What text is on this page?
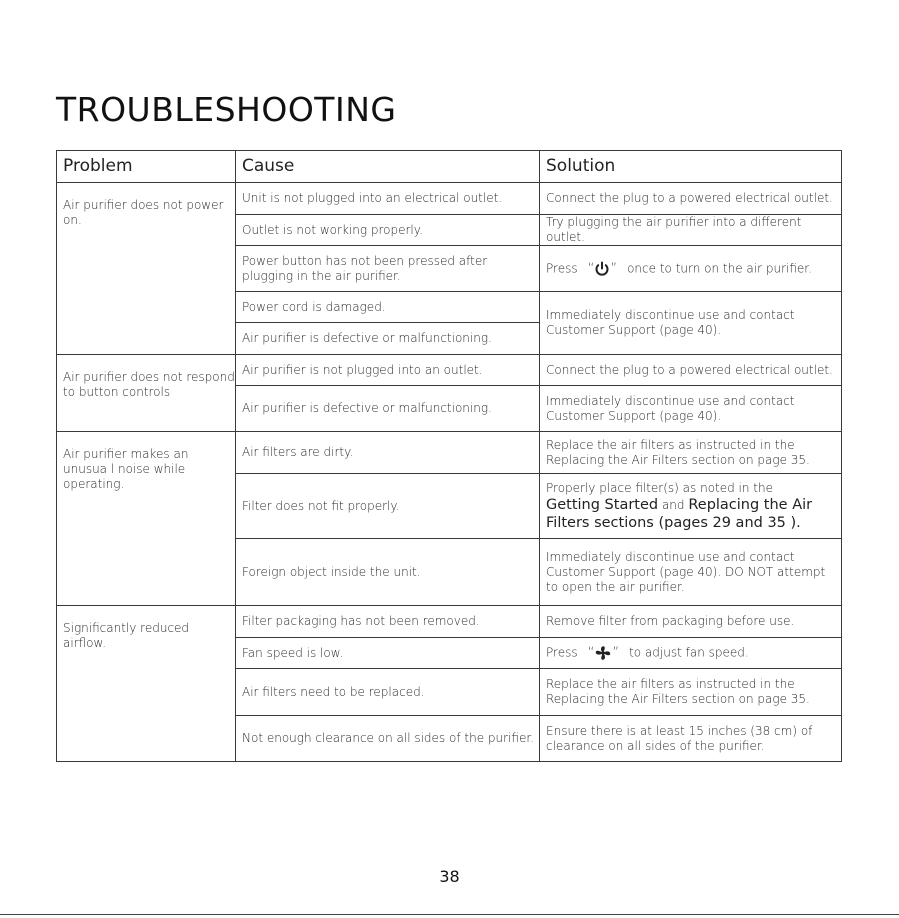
TROUBLESHOOTING
Problem	Cause	Solution
Air purifier does not power on.	Unit is not plugged into an electrical outlet.	Connect the plug to a powered electrical outlet.
	Outlet is not working properly.	Try plugging the air purifier into a different outlet.
	Power button has not been pressed after plugging in the air purifier.	Press “ ” once to turn on the air purifier.
	Power cord is damaged.	Immediately discontinue use and contact Customer Support (page 40).
	Air purifier is defective or malfunctioning.	
Air purifier does not respond to button controls	Air purifier is not plugged into an outlet.	Connect the plug to a powered electrical outlet.
	Air purifier is defective or malfunctioning.	Immediately discontinue use and contact Customer Support (page 40).
Air purifier makes an unusua l noise while operating.	Air filters are dirty.	Replace the air filters as instructed in the Replacing the Air Filters section on page 35.
	Filter does not fit properly.	Properly place filter(s) as noted in the
Getting Started and Replacing the Air Filters sections (pages 29 and 35 ).
	Foreign object inside the unit.	Immediately discontinue use and contact Customer Support (page 40). DO NOT attempt to open the air purifier.
Significantly reduced airflow.	Filter packaging has not been removed.	Remove filter from packaging before use.
	Fan speed is low.	Press “ ” to adjust fan speed.
	Air filters need to be replaced.	Replace the air filters as instructed in the Replacing the Air Filters section on page 35.
	Not enough clearance on all sides of the purifier.	Ensure there is at least 15 inches (38 cm) of clearance on all sides of the purifier.
38
